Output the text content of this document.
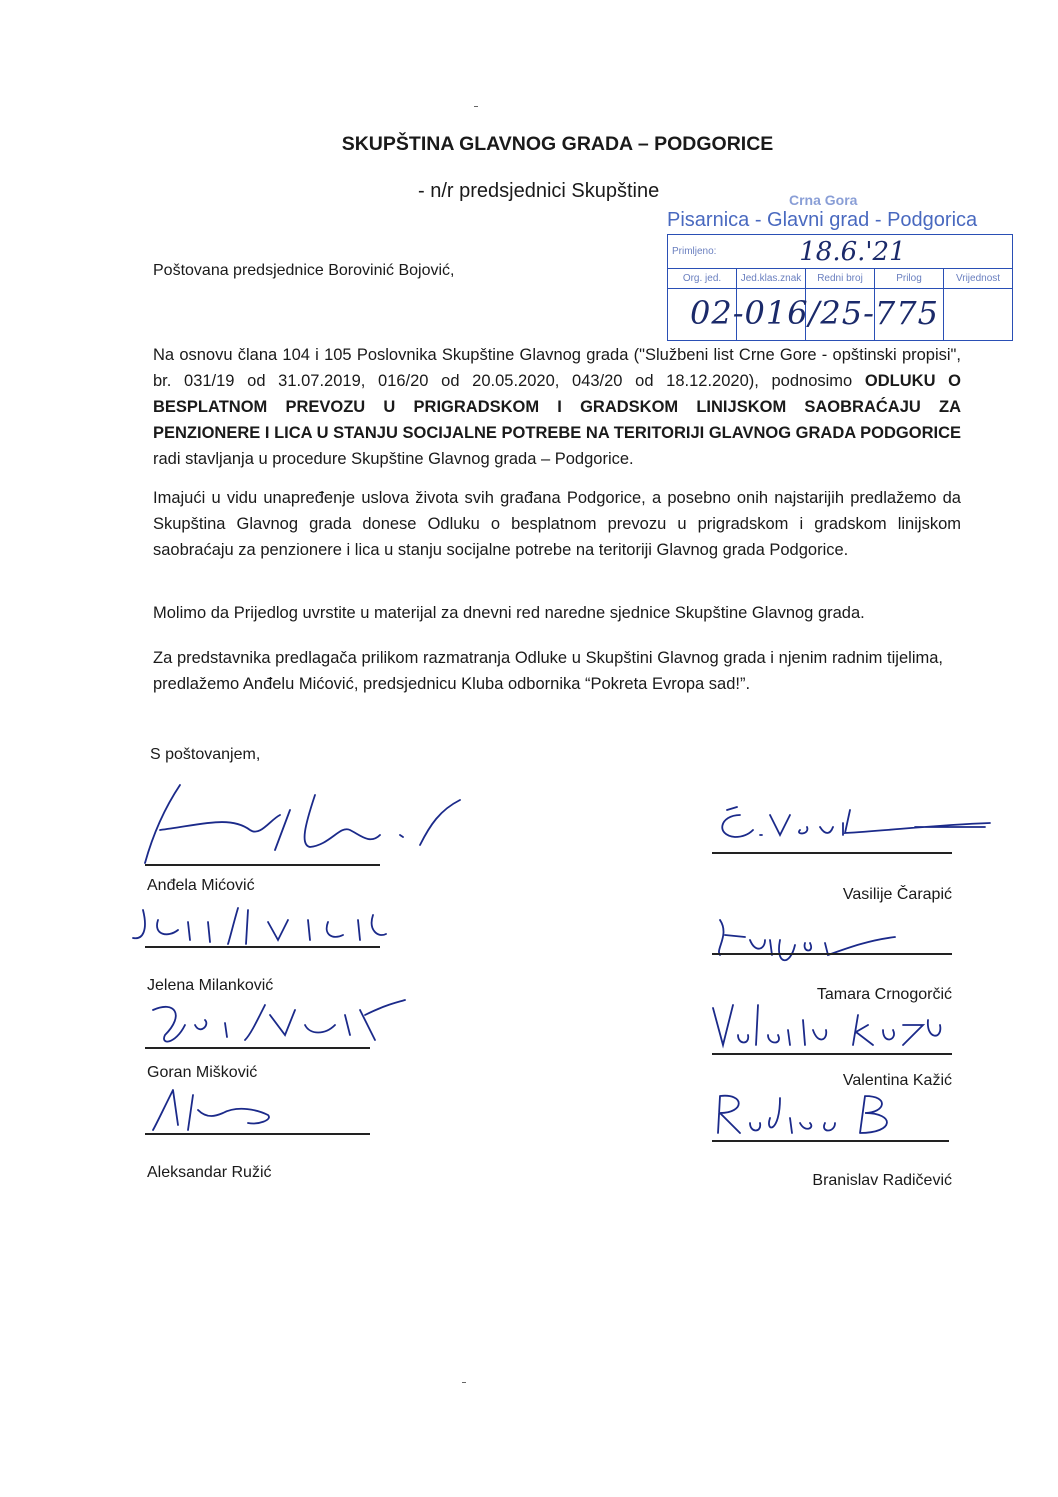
SKUPŠTINA GLAVNOG GRADA – PODGORICE
- n/r predsjednici Skupštine	Crna Gora
Pisarnica - Glavni grad - Podgorica
Primljeno: 18.6.'21				
Org. jed.	Jed.klas.znak	Redni broj	Prilog	Vrijednost

02-016/25-775
Poštovana predsjednice Borovinić Bojović,
Na osnovu člana 104 i 105 Poslovnika Skupštine Glavnog grada ("Službeni list Crne Gore - opštinski propisi", br. 031/19 od 31.07.2019, 016/20 od 20.05.2020, 043/20 od 18.12.2020), podnosimo ODLUKU O BESPLATNOM PREVOZU U PRIGRADSKOM I GRADSKOM LINIJSKOM SAOBRAĆAJU ZA PENZIONERE I LICA U STANJU SOCIJALNE POTREBE NA TERITORIJI GLAVNOG GRADA PODGORICE radi stavljanja u procedure Skupštine Glavnog grada – Podgorice.
Imajući u vidu unapređenje uslova života svih građana Podgorice, a posebno onih najstarijih predlažemo da Skupština Glavnog grada donese Odluku o besplatnom prevozu u prigradskom i gradskom linijskom saobraćaju za penzionere i lica u stanju socijalne potrebe na teritoriji Glavnog grada Podgorice.
Molimo da Prijedlog uvrstite u materijal za dnevni red naredne sjednice Skupštine Glavnog grada.
Za predstavnika predlagača prilikom razmatranja Odluke u Skupštini Glavnog grada i njenim radnim tijelima, predlažemo Anđelu Mićović, predsjednicu Kluba odbornika “Pokreta Evropa sad!”.
S poštovanjem,
Anđela Mićović
Jelena Milanković
Goran Mišković
Aleksandar Ružić
Vasilije Čarapić
Tamara Crnogorčić
Valentina Kažić
Branislav Radičević
